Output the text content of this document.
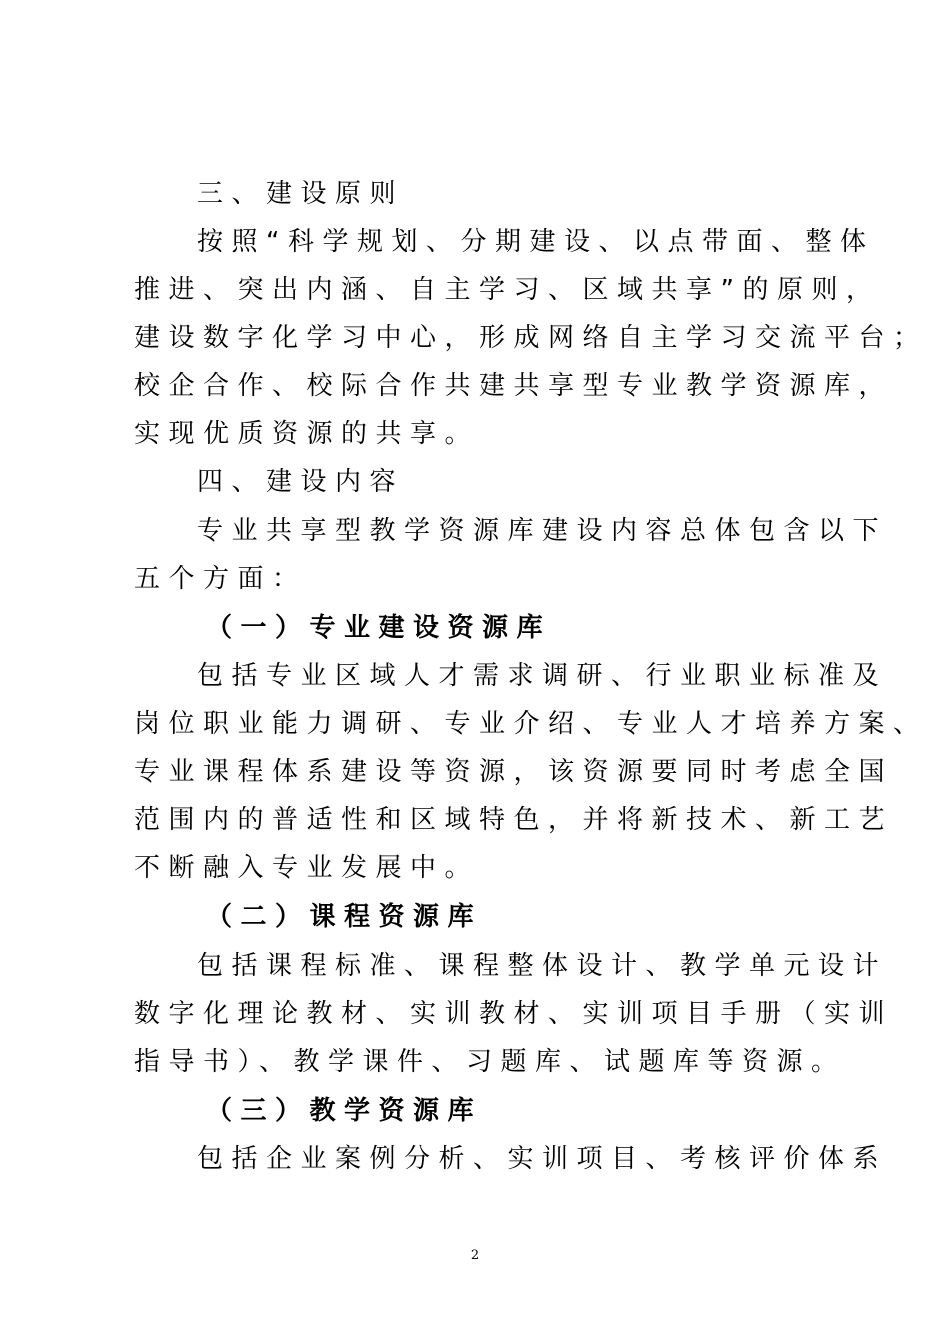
三、建设原则
按照“科学规划、分期建设、以点带面、整体
推进、突出内涵、自主学习、区域共享”的原则，
建设数字化学习中心，形成网络自主学习交流平台；
校企合作、校际合作共建共享型专业教学资源库，
实现优质资源的共享。
四、建设内容
专业共享型教学资源库建设内容总体包含以下
五个方面：
（一）专业建设资源库
包括专业区域人才需求调研、行业职业标准及
岗位职业能力调研、专业介绍、专业人才培养方案、
专业课程体系建设等资源，该资源要同时考虑全国
范围内的普适性和区域特色，并将新技术、新工艺
不断融入专业发展中。
（二）课程资源库
包括课程标准、课程整体设计、教学单元设计
数字化理论教材、实训教材、实训项目手册（实训
指导书）、教学课件、习题库、试题库等资源。
（三）教学资源库
包括企业案例分析、实训项目、考核评价体系
2
